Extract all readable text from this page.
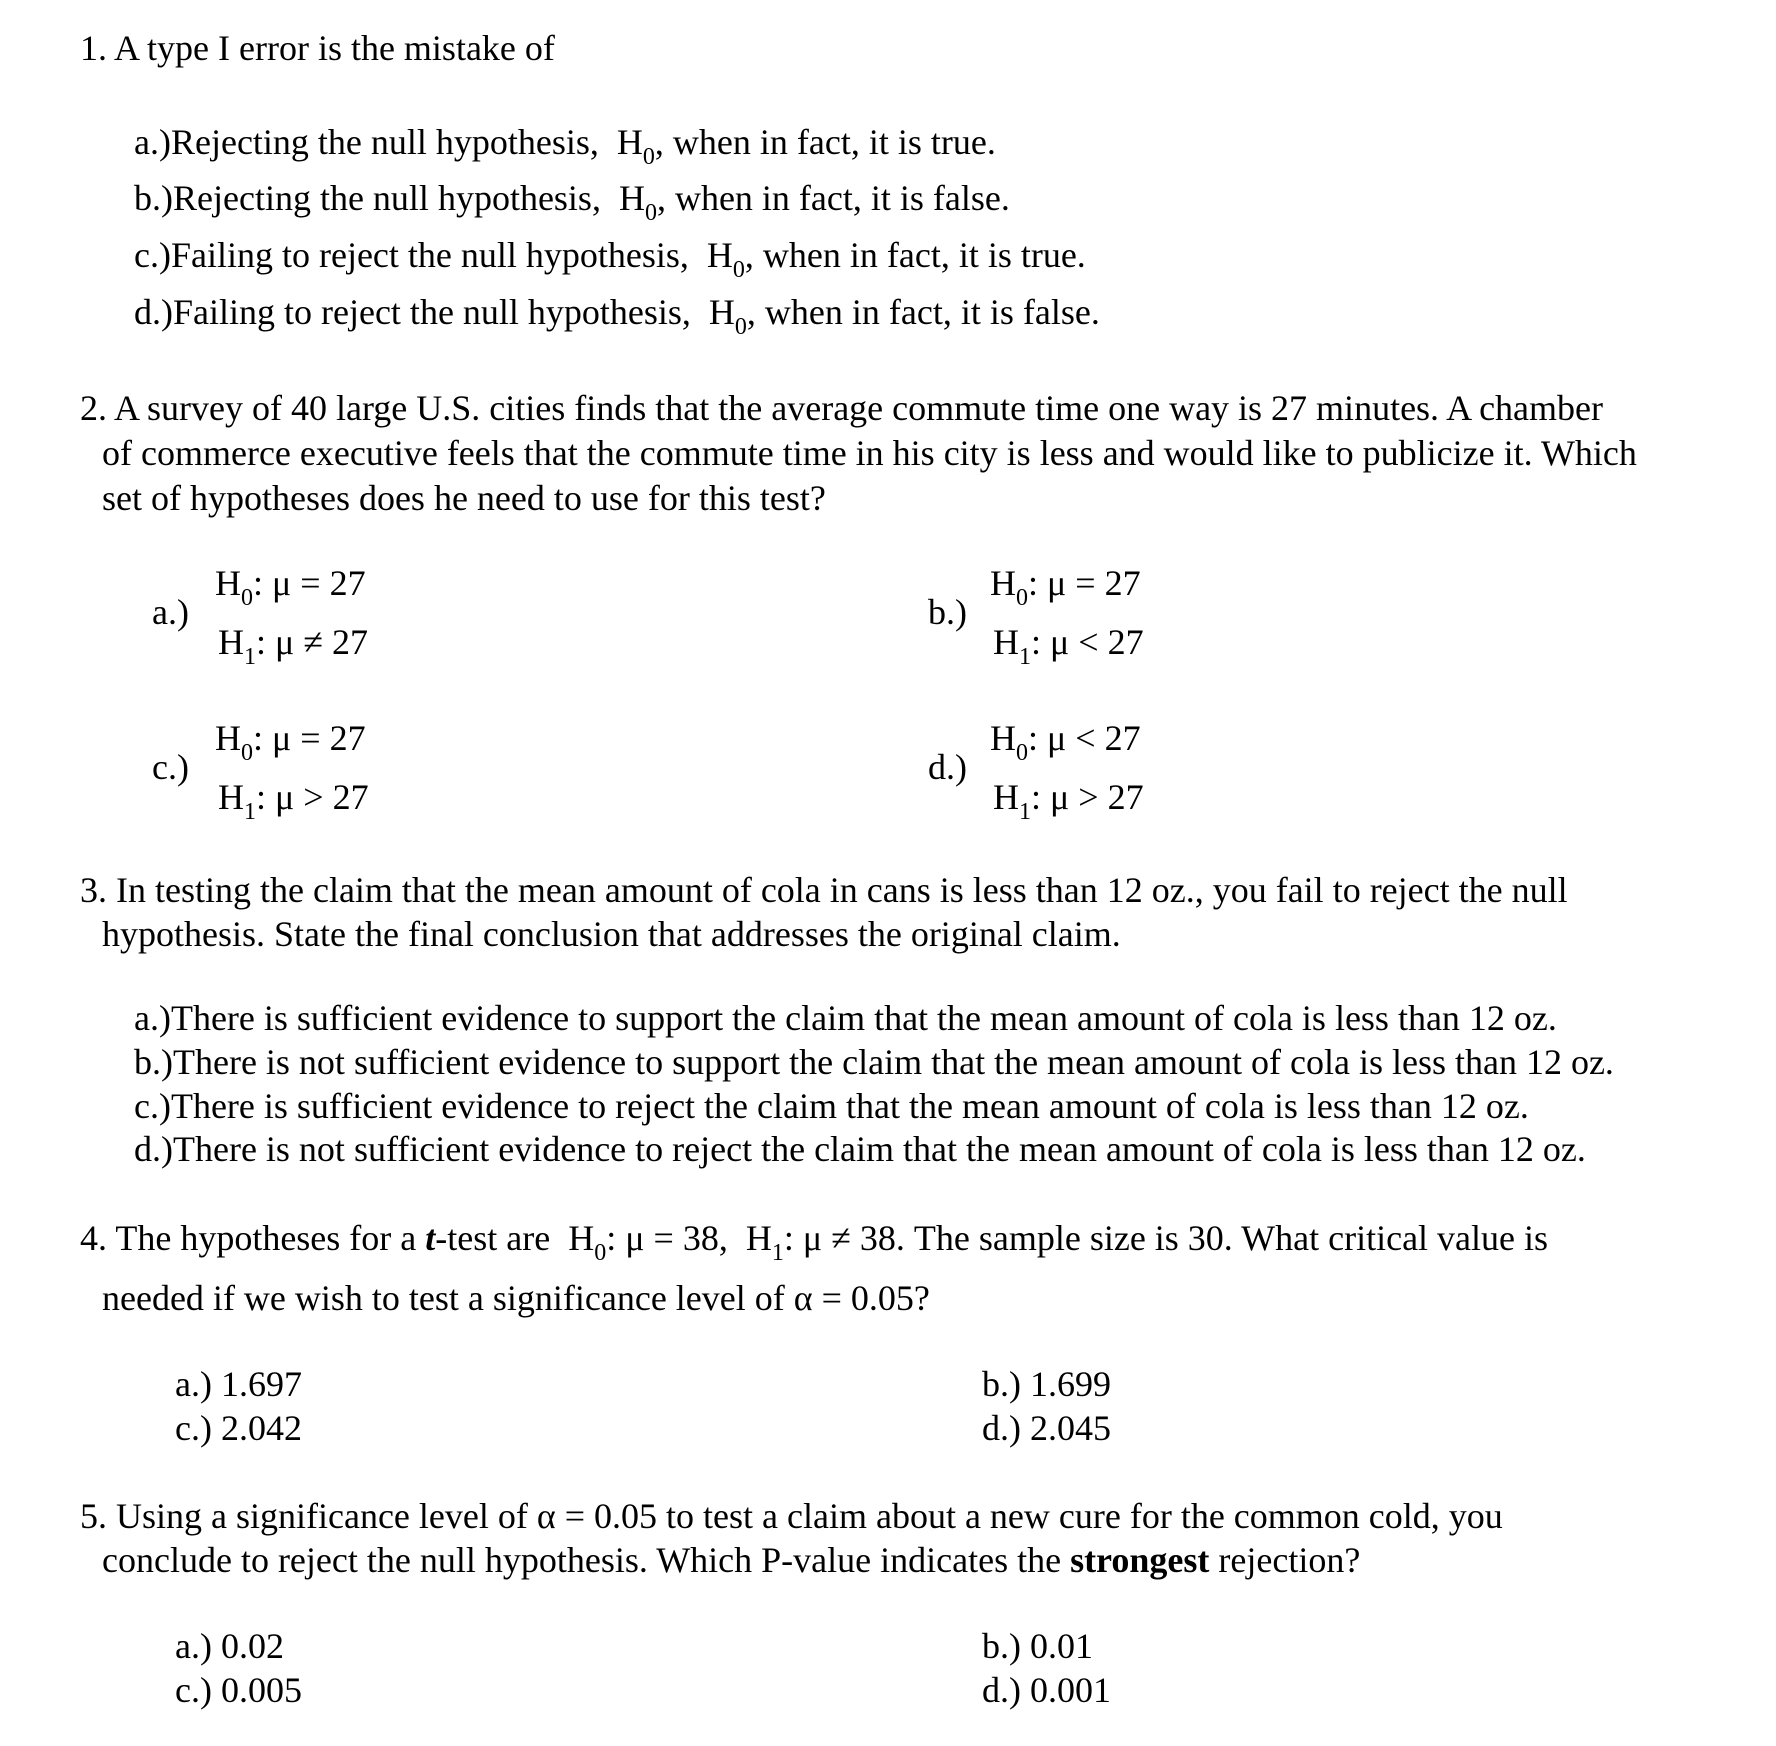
1. A type I error is the mistake of
a.)Rejecting the null hypothesis, $H_0$, when in fact, it is true.
b.)Rejecting the null hypothesis, $H_0$, when in fact, it is false.
c.)Failing to reject the null hypothesis, $H_0$, when in fact, it is true.
d.)Failing to reject the null hypothesis, $H_0$, when in fact, it is false.
2. A survey of 40 large U.S. cities finds that the average commute time one way is 27 minutes. A chamber
of commerce executive feels that the commute time in his city is less and would like to publicize it. Which
set of hypotheses does he need to use for this test?
a.)
$H_0$: μ = 27
$H_1$: μ ≠ 27
b.)
$H_0$: μ = 27
$H_1$: μ < 27
c.)
$H_0$: μ = 27
$H_1$: μ > 27
d.)
$H_0$: μ < 27
$H_1$: μ > 27
3. In testing the claim that the mean amount of cola in cans is less than 12 oz., you fail to reject the null
hypothesis. State the final conclusion that addresses the original claim.
a.)There is sufficient evidence to support the claim that the mean amount of cola is less than 12 oz.
b.)There is not sufficient evidence to support the claim that the mean amount of cola is less than 12 oz.
c.)There is sufficient evidence to reject the claim that the mean amount of cola is less than 12 oz.
d.)There is not sufficient evidence to reject the claim that the mean amount of cola is less than 12 oz.
4. The hypotheses for a t-test are $H_0$: μ = 38, $H_1$: μ ≠ 38. The sample size is 30. What critical value is
needed if we wish to test a significance level of α = 0.05?
a.) 1.697	b.) 1.699
c.) 2.042	d.) 2.045
5. Using a significance level of α = 0.05 to test a claim about a new cure for the common cold, you
conclude to reject the null hypothesis. Which P-value indicates the strongest rejection?
a.) 0.02	b.) 0.01
c.) 0.005	d.) 0.001
